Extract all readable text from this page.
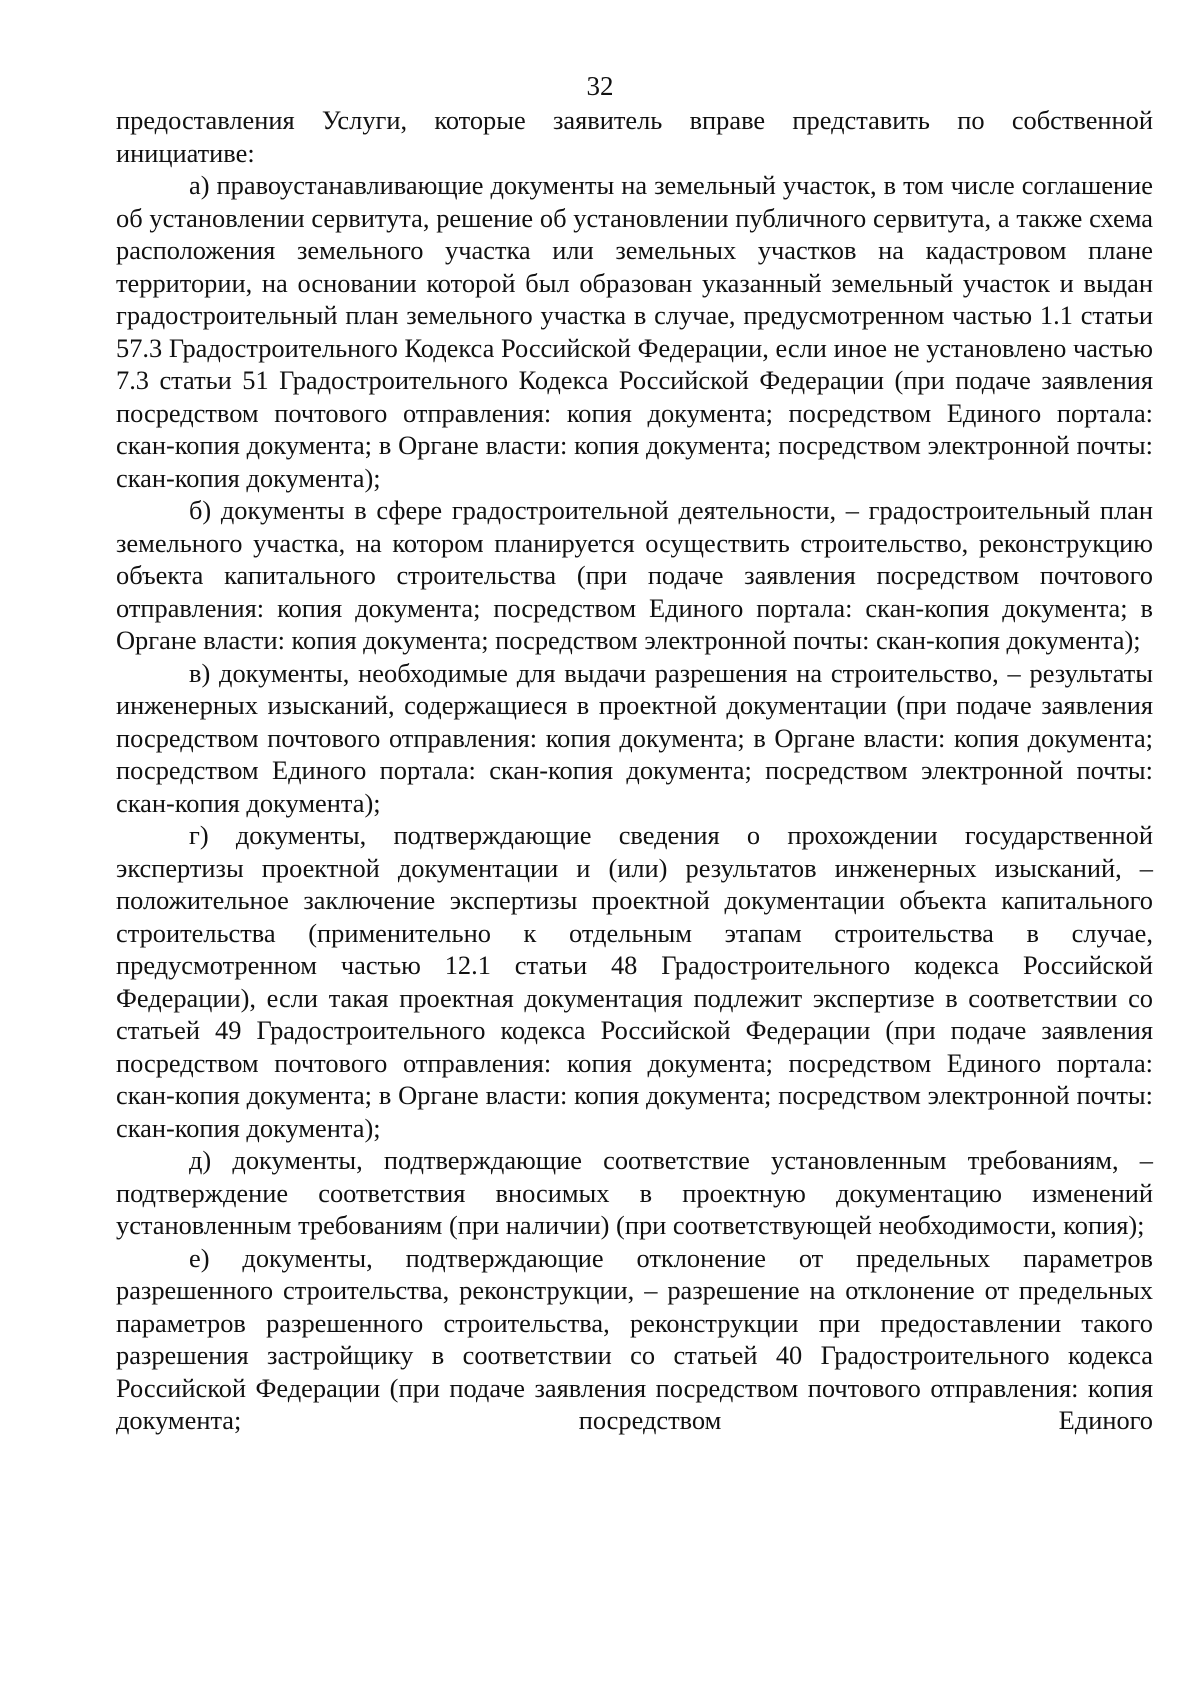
32

предоставления Услуги, которые заявитель вправе представить по собственной инициативе:

а) правоустанавливающие документы на земельный участок, в том числе соглашение об установлении сервитута, решение об установлении публичного сервитута, а также схема расположения земельного участка или земельных участков на кадастровом плане территории, на основании которой был образован указанный земельный участок и выдан градостроительный план земельного участка в случае, предусмотренном частью 1.1 статьи 57.3 Градостроительного Кодекса Российской Федерации, если иное не установлено частью 7.3 статьи 51 Градостроительного Кодекса Российской Федерации (при подаче заявления посредством почтового отправления: копия документа; посредством Единого портала: скан-копия документа; в Органе власти: копия документа; посредством электронной почты: скан-копия документа);

б) документы в сфере градостроительной деятельности, – градостроительный план земельного участка, на котором планируется осуществить строительство, реконструкцию объекта капитального строительства (при подаче заявления посредством почтового отправления: копия документа; посредством Единого портала: скан-копия документа; в Органе власти: копия документа; посредством электронной почты: скан-копия документа);

в) документы, необходимые для выдачи разрешения на строительство, – результаты инженерных изысканий, содержащиеся в проектной документации (при подаче заявления посредством почтового отправления: копия документа; в Органе власти: копия документа; посредством Единого портала: скан-копия документа; посредством электронной почты: скан-копия документа);

г) документы, подтверждающие сведения о прохождении государственной экспертизы проектной документации и (или) результатов инженерных изысканий, – положительное заключение экспертизы проектной документации объекта капитального строительства (применительно к отдельным этапам строительства в случае, предусмотренном частью 12.1 статьи 48 Градостроительного кодекса Российской Федерации), если такая проектная документация подлежит экспертизе в соответствии со статьей 49 Градостроительного кодекса Российской Федерации (при подаче заявления посредством почтового отправления: копия документа; посредством Единого портала: скан-копия документа; в Органе власти: копия документа; посредством электронной почты: скан-копия документа);

д) документы, подтверждающие соответствие установленным требованиям, – подтверждение соответствия вносимых в проектную документацию изменений установленным требованиям (при наличии) (при соответствующей необходимости, копия);

е) документы, подтверждающие отклонение от предельных параметров разрешенного строительства, реконструкции, – разрешение на отклонение от предельных параметров разрешенного строительства, реконструкции при предоставлении такого разрешения застройщику в соответствии со статьей 40 Градостроительного кодекса Российской Федерации (при подаче заявления посредством почтового отправления: копия документа; посредством Единого
